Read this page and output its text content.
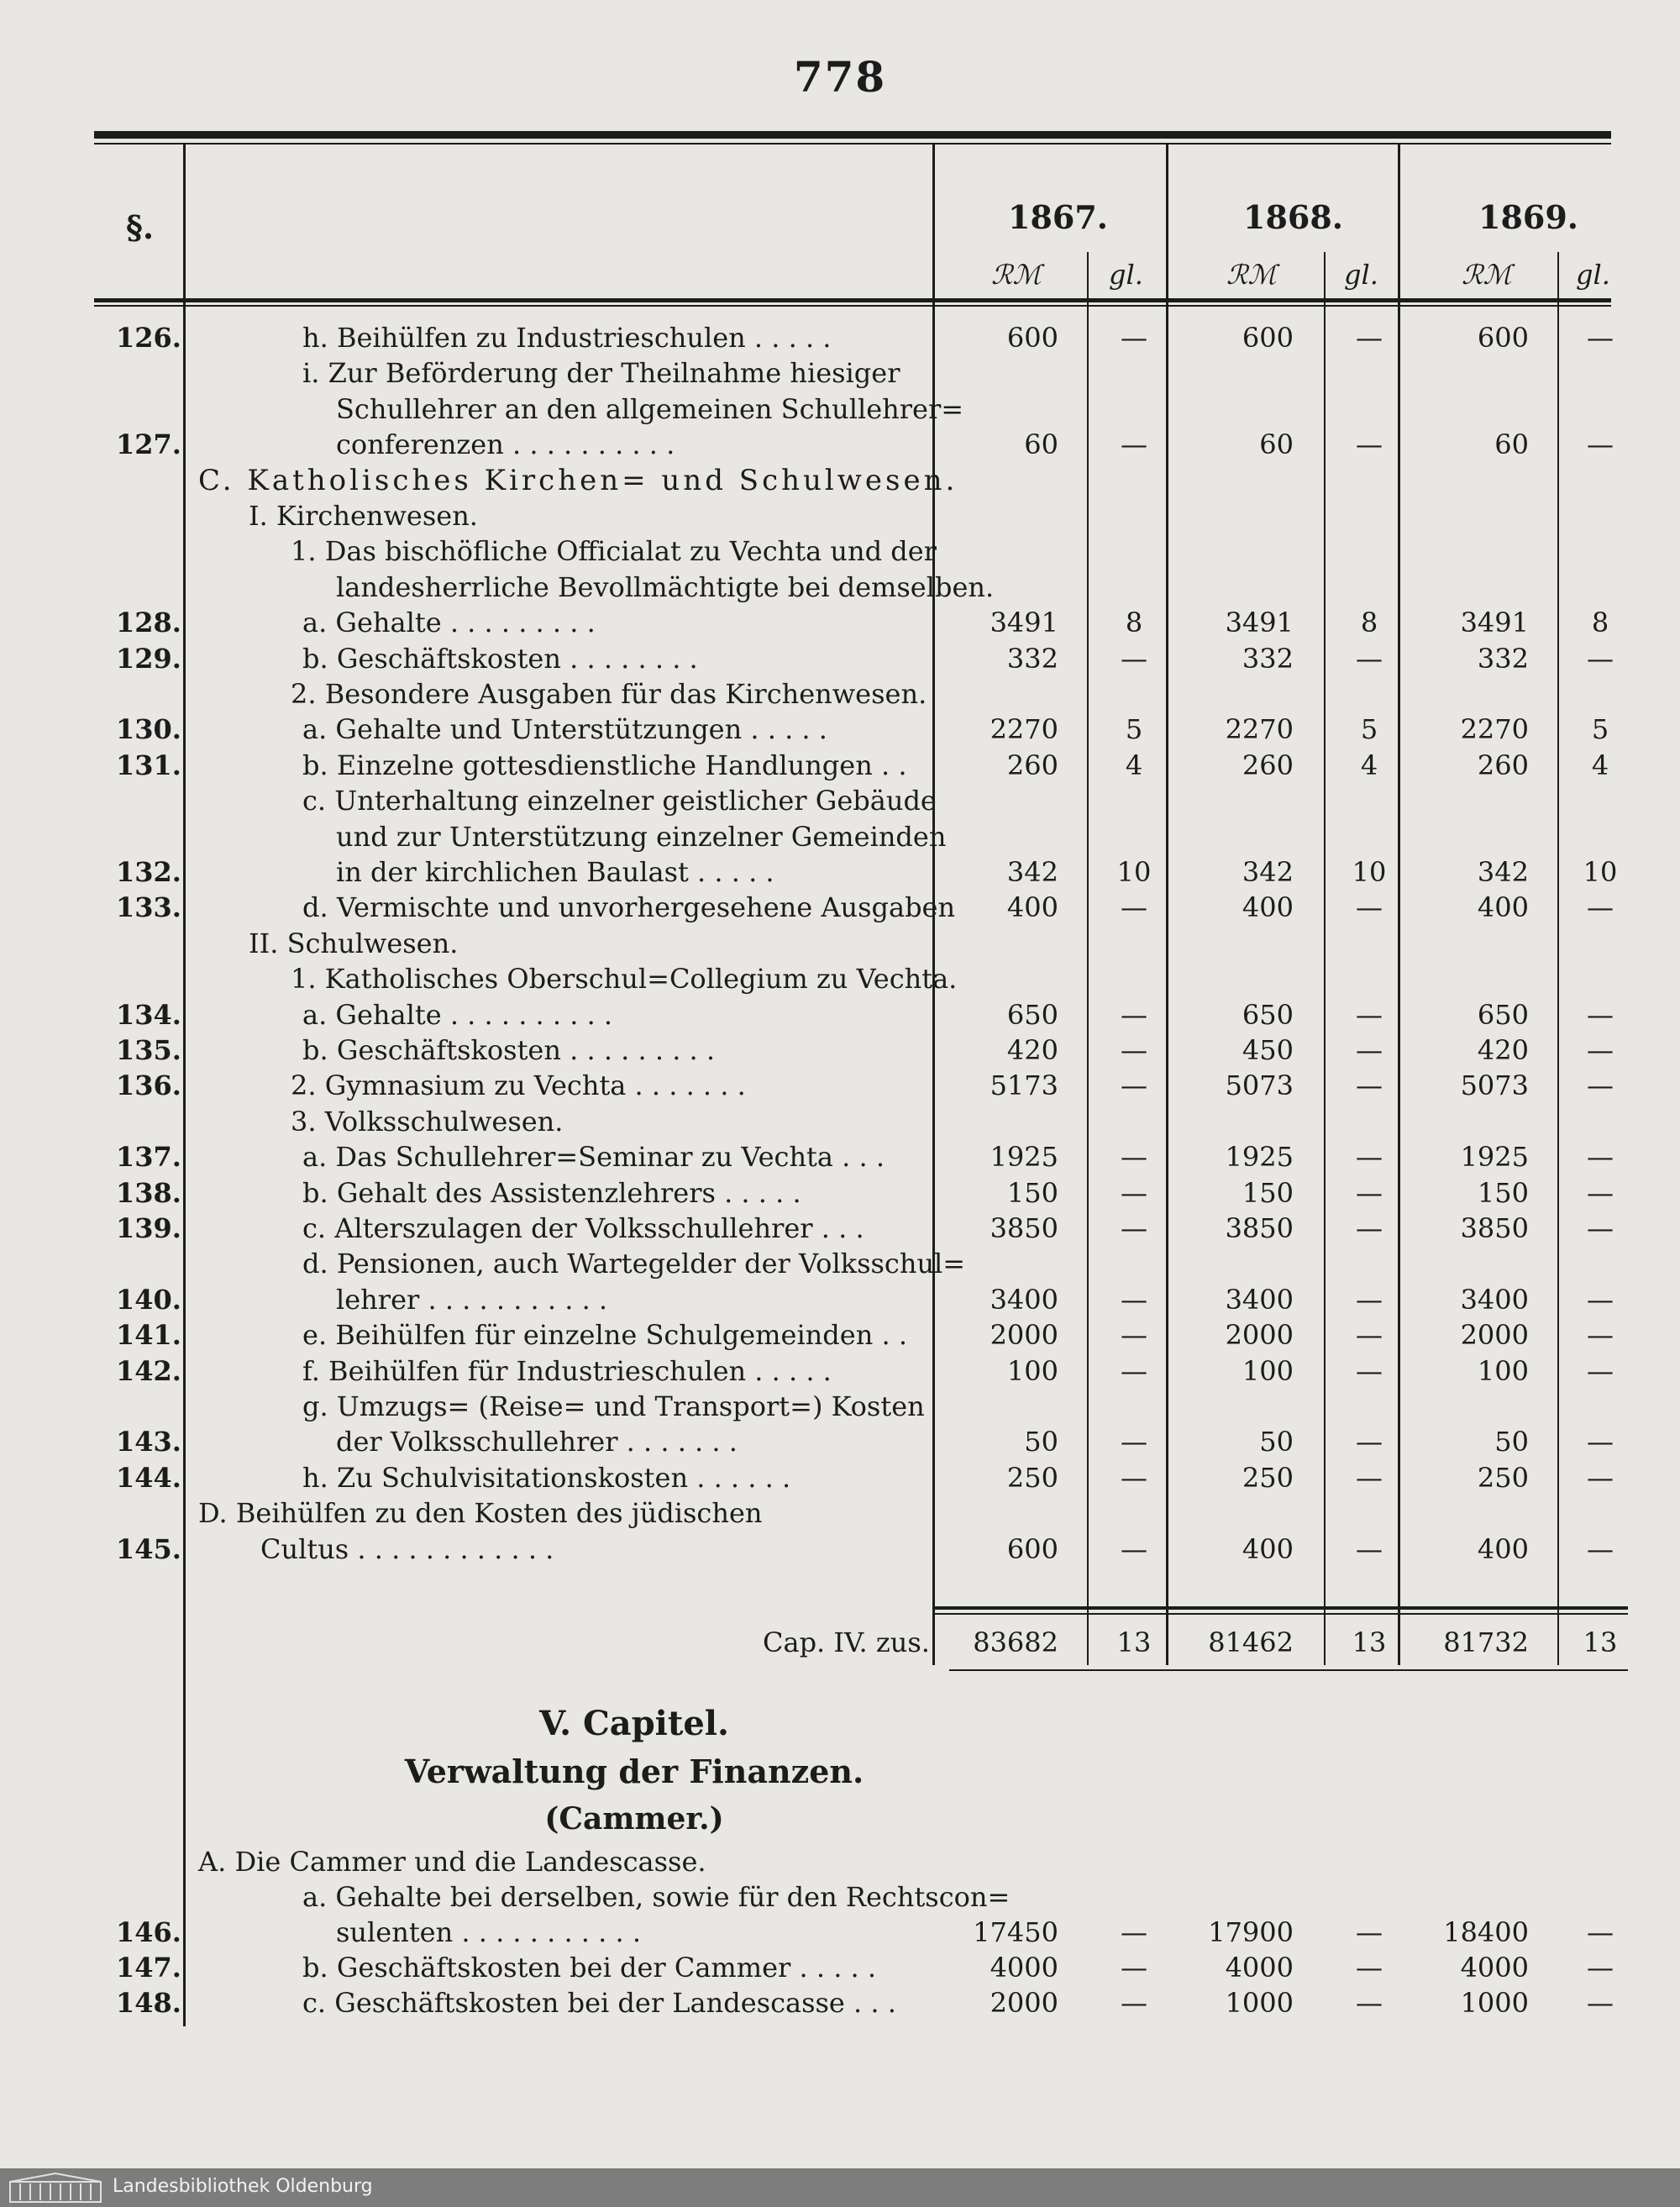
778
§.	1867.	1868.	1869.
ℛℳ	gl.	ℛℳ	gl.	ℛℳ gl.
h. Beihülfen zu Industrieschulen . . . . .
126.	600	—	600	—	600	—
i. Zur Beförderung der Theilnahme hiesiger
Schullehrer an den allgemeinen Schullehrer=
conferenzen . . . . . . . . . .
127.	60	—	60	—	60	—
C. Katholisches Kirchen= und Schulwesen.
I. Kirchenwesen.
1. Das bischöfliche Officialat zu Vechta und der
landesherrliche Bevollmächtigte bei demselben.
a. Gehalte . . . . . . . . .
128.	3491	8	3491	8	3491	8
b. Geschäftskosten . . . . . . . .
129.	332	—	332	—	332	—
2. Besondere Ausgaben für das Kirchenwesen.
a. Gehalte und Unterstützungen . . . . .
130.	2270	5	2270	5	2270	5
b. Einzelne gottesdienstliche Handlungen . .
131.	260	4	260	4	260	4
c. Unterhaltung einzelner geistlicher Gebäude
und zur Unterstützung einzelner Gemeinden
in der kirchlichen Baulast . . . . .
132.	342	10	342	10	342	10
d. Vermischte und unvorhergesehene Ausgaben
133.	400	—	400	—	400	—
II. Schulwesen.
1. Katholisches Oberschul=Collegium zu Vechta.
a. Gehalte . . . . . . . . . .
134.	650	—	650	—	650	—
b. Geschäftskosten . . . . . . . . .
135.	420	—	450	—	420	—
2. Gymnasium zu Vechta . . . . . . .
136.	5173	—	5073	—	5073	—
3. Volksschulwesen.
a. Das Schullehrer=Seminar zu Vechta . . .
137.	1925	—	1925	—	1925	—
b. Gehalt des Assistenzlehrers . . . . .
138.	150	—	150	—	150	—
c. Alterszulagen der Volksschullehrer . . .
139.	3850	—	3850	—	3850	—
d. Pensionen, auch Wartegelder der Volksschul=
lehrer . . . . . . . . . . .
140.	3400	—	3400	—	3400	—
e. Beihülfen für einzelne Schulgemeinden . .
141.	2000	—	2000	—	2000	—
f. Beihülfen für Industrieschulen . . . . .
142.	100	—	100	—	100	—
g. Umzugs= (Reise= und Transport=) Kosten
der Volksschullehrer . . . . . . .
143.	50	—	50	—	50	—
h. Zu Schulvisitationskosten . . . . . .
144.	250	—	250	—	250	—
D. Beihülfen zu den Kosten des jüdischen
Cultus . . . . . . . . . . . .
145.	600	—	400	—	400	—
Cap. IV. zus.	83682	13	81462	13	81732	13
V. Capitel.
Verwaltung der Finanzen.
(Cammer.)
A. Die Cammer und die Landescasse.
a. Gehalte bei derselben, sowie für den Rechtscon=
sulenten . . . . . . . . . . .
146.	17450	—	17900	—	18400	—
b. Geschäftskosten bei der Cammer . . . . .
147.	4000	—	4000	—	4000	—
c. Geschäftskosten bei der Landescasse . . .
148.	2000	—	1000	—	1000	—
Landesbibliothek Oldenburg
